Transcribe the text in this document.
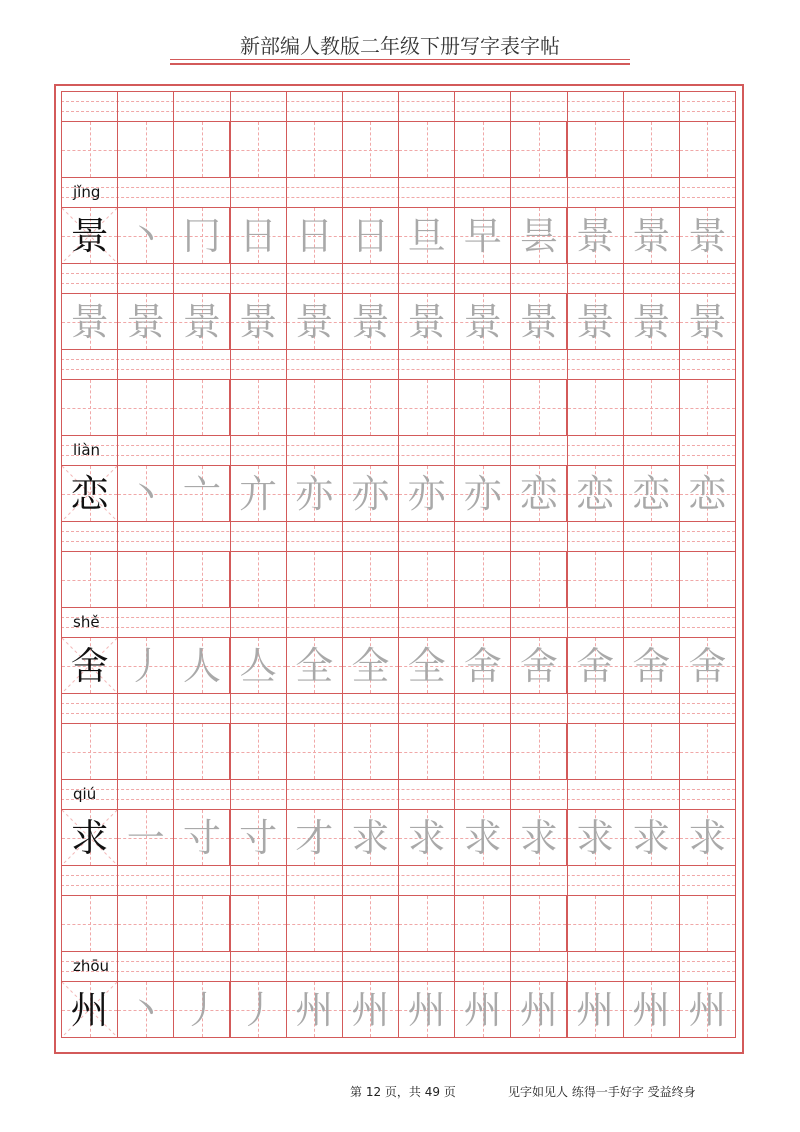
新部编人教版二年级下册写字表字帖
jǐng
景 丶 冂 日 日 日 旦 早 昙 景 景 景
景 景 景 景 景 景 景 景 景 景 景 景
liàn
恋 丶 亠 亣 亦 亦 亦 亦 恋 恋 恋 恋
shě
舍 丿 人 亼 全 全 全 舍 舍 舍 舍 舍
qiú
求 一 寸 寸 才 求 求 求 求 求 求 求
zhōu
州 丶 丿 丿 州 州 州 州 州 州 州 州
第 12 页，共 49 页	见字如见人 练得一手好字 受益终身
